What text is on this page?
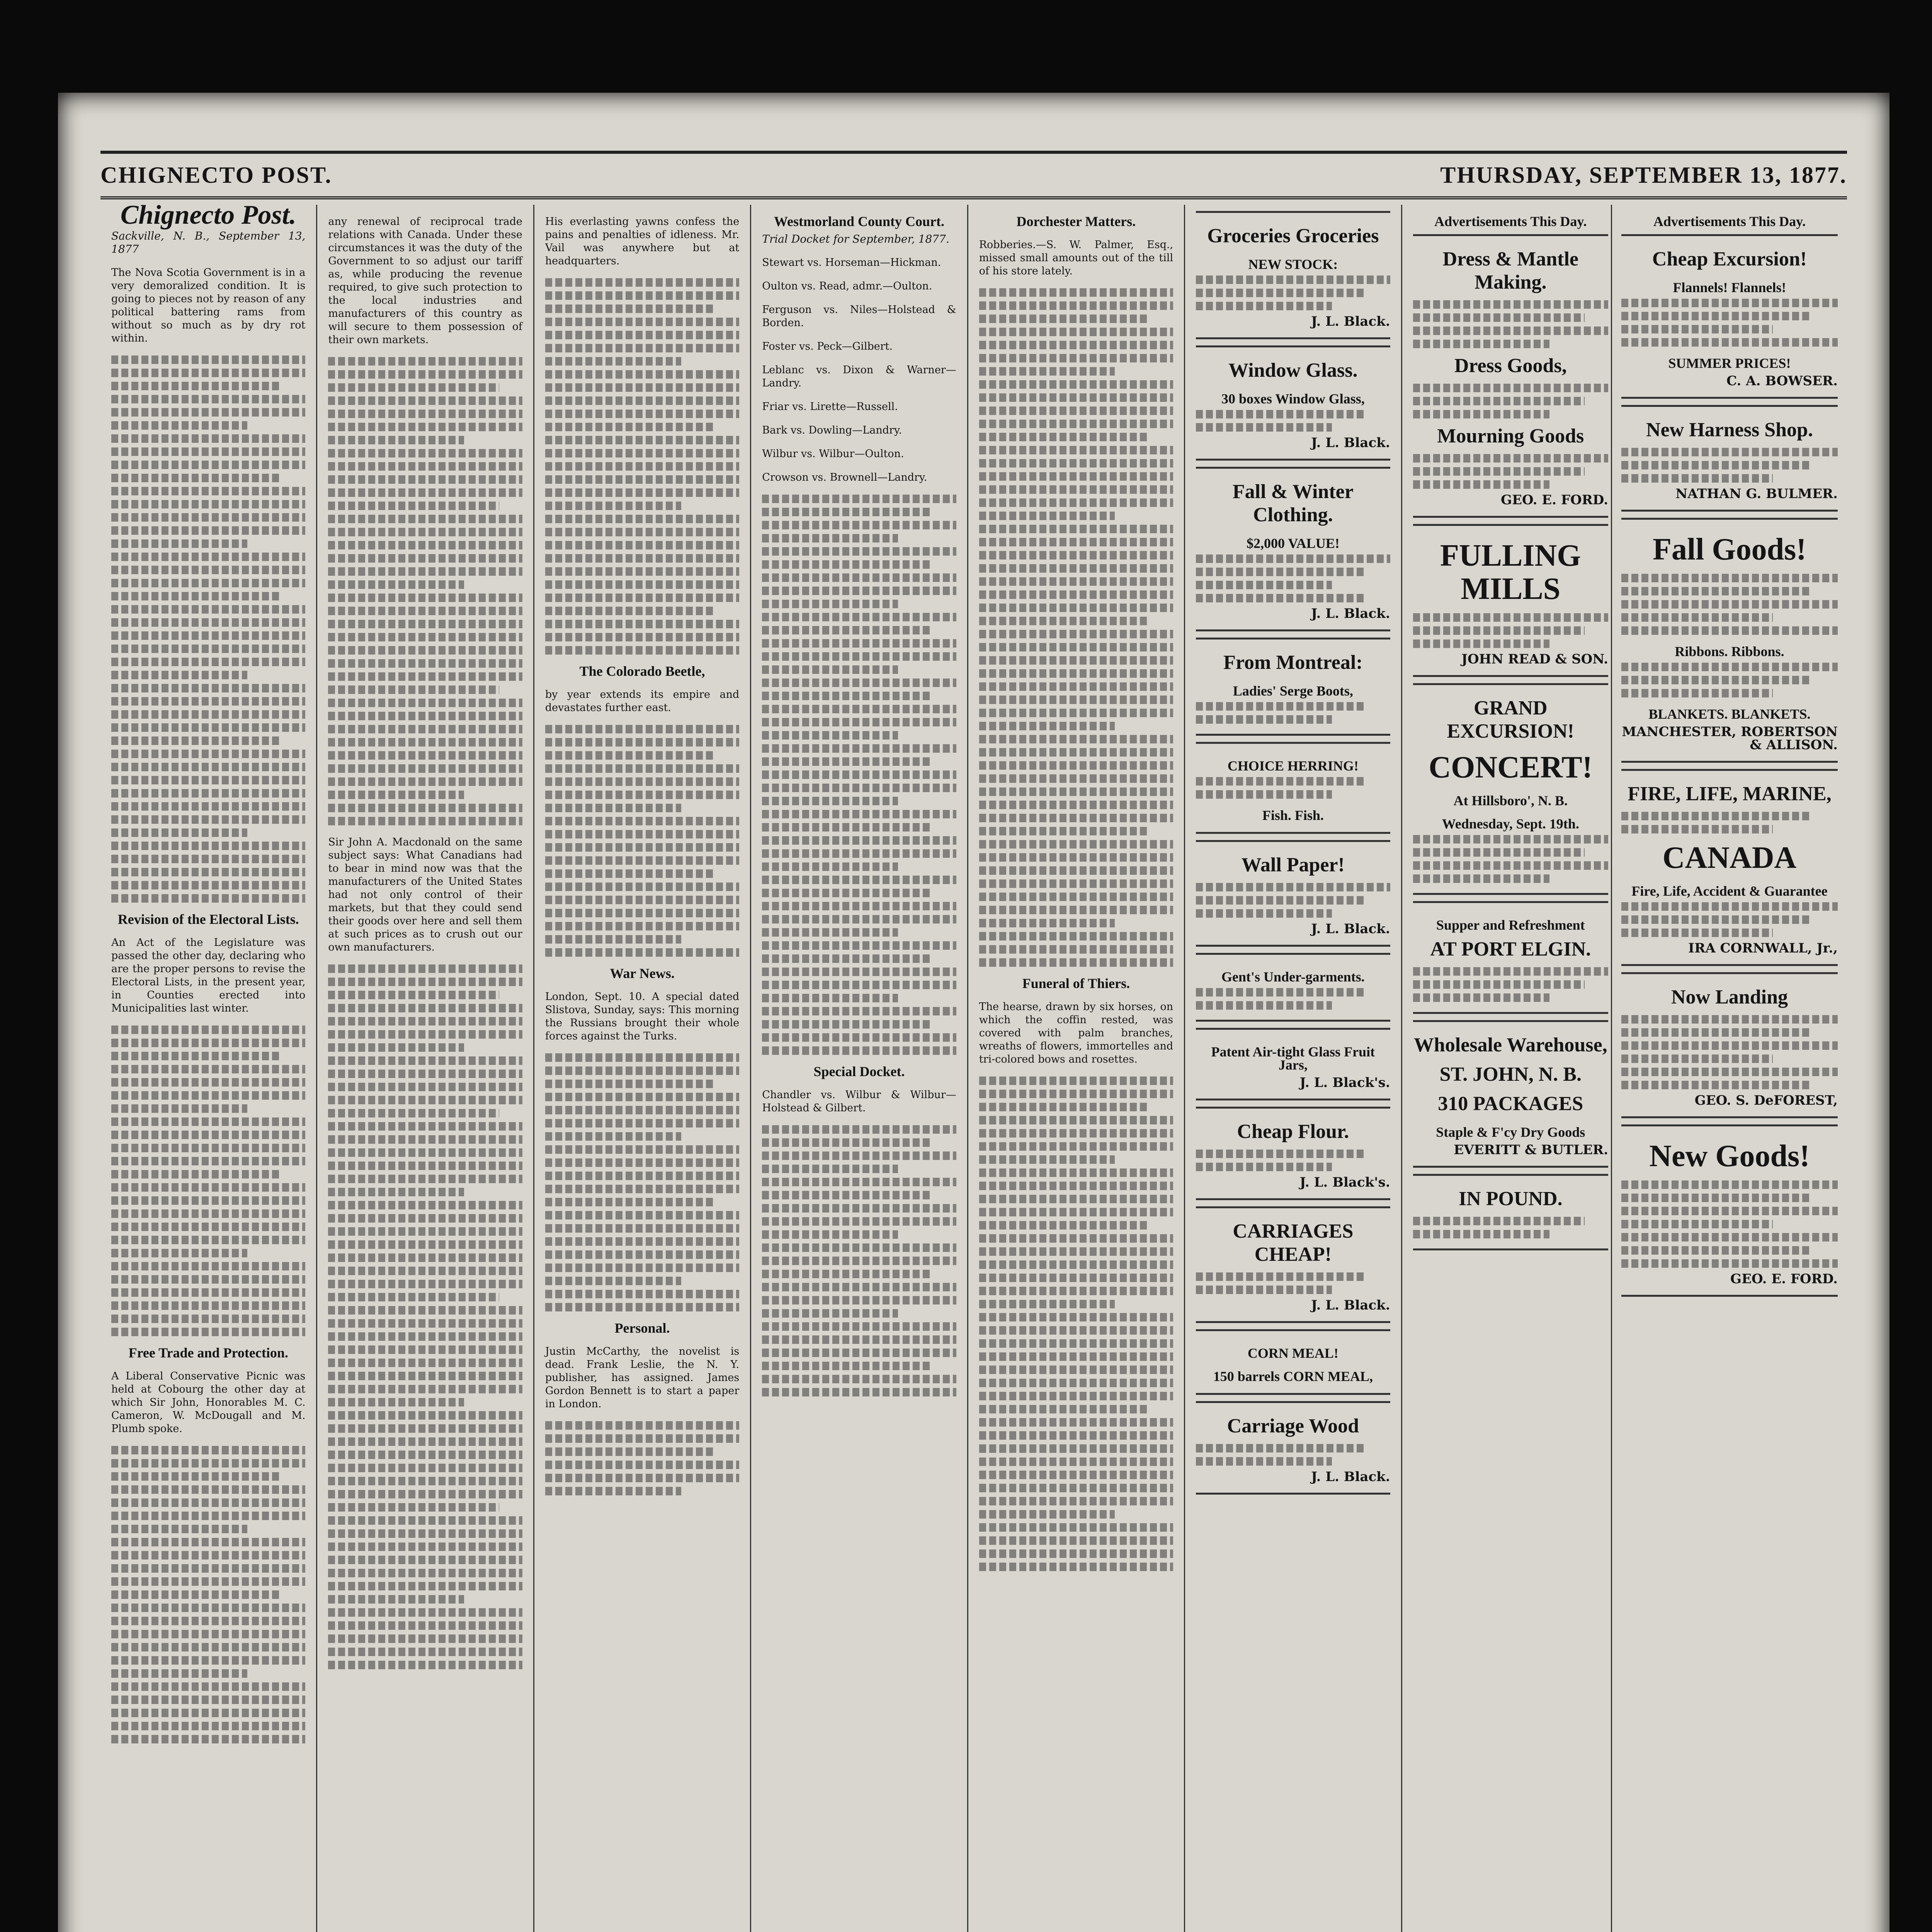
CHIGNECTO POST.	THURSDAY, SEPTEMBER 13, 1877.
Chignecto Post.
Sackville, N. B., September 13, 1877

The Nova Scotia Government is in a very demoralized condition. It is going to pieces not by reason of any political battering rams from without so much as by dry rot within.

Revision of the Electoral Lists.

An Act of the Legislature was passed the other day, declaring who are the proper persons to revise the Electoral Lists, in the present year, in Counties erected into Municipalities last winter.

Free Trade and Protection.

A Liberal Conservative Picnic was held at Cobourg the other day at which Sir John, Honorables M. C. Cameron, W. McDougall and M. Plumb spoke.

any renewal of reciprocal trade relations with Canada. Under these circumstances it was the duty of the Government to so adjust our tariff as, while producing the revenue required, to give such protection to the local industries and manufacturers of this country as will secure to them possession of their own markets.

Sir John A. Macdonald on the same subject says: What Canadians had to bear in mind now was that the manufacturers of the United States had not only control of their markets, but that they could send their goods over here and sell them at such prices as to crush out our own manufacturers.

His everlasting yawns confess the pains and penalties of idleness. Mr. Vail was anywhere but at headquarters.

The Colorado Beetle,

by year extends its empire and devastates further east.

War News.

London, Sept. 10. A special dated Slistova, Sunday, says: This morning the Russians brought their whole forces against the Turks.

Personal.

Justin McCarthy, the novelist is dead. Frank Leslie, the N. Y. publisher, has assigned. James Gordon Bennett is to start a paper in London.

Westmorland County Court.
Trial Docket for September, 1877.

Stewart vs. Horseman—Hickman.

Oulton vs. Read, admr.—Oulton.

Ferguson vs. Niles—Holstead & Borden.

Foster vs. Peck—Gilbert.

Leblanc vs. Dixon & Warner—Landry.

Friar vs. Lirette—Russell.

Bark vs. Dowling—Landry.

Wilbur vs. Wilbur—Oulton.

Crowson vs. Brownell—Landry.

Special Docket.

Chandler vs. Wilbur & Wilbur—Holstead & Gilbert.

Dorchester Matters.

Robberies.—S. W. Palmer, Esq., missed small amounts out of the till of his store lately.

Funeral of Thiers.

The hearse, drawn by six horses, on which the coffin rested, was covered with palm branches, wreaths of flowers, immortelles and tri-colored bows and rosettes.

Groceries Groceries
NEW STOCK:
J. L. Black.
Window Glass.
30 boxes Window Glass,
J. L. Black.
Fall & Winter Clothing.
$2,000 VALUE!
J. L. Black.
From Montreal:
Ladies' Serge Boots,
CHOICE HERRING!
Fish. Fish.
Wall Paper!
J. L. Black.
Gent's Under-garments.
Patent Air-tight Glass Fruit Jars,
J. L. Black's.
Cheap Flour.
J. L. Black's.
CARRIAGES CHEAP!
J. L. Black.
CORN MEAL!
150 barrels CORN MEAL,
Carriage Wood
J. L. Black.
Advertisements This Day.
Dress & Mantle Making.
Dress Goods,
Mourning Goods
GEO. E. FORD.
FULLING MILLS
JOHN READ & SON.
GRAND EXCURSION!
CONCERT!
At Hillsboro', N. B.
Wednesday, Sept. 19th.
Supper and Refreshment
AT PORT ELGIN.
Wholesale Warehouse,
ST. JOHN, N. B.
310 PACKAGES
Staple & F'cy Dry Goods
EVERITT & BUTLER.
IN POUND.
Advertisements This Day.
Cheap Excursion!
Flannels! Flannels!
SUMMER PRICES!
C. A. BOWSER.
New Harness Shop.
NATHAN G. BULMER.
Fall Goods!
Ribbons. Ribbons.
BLANKETS. BLANKETS.
MANCHESTER, ROBERTSON & ALLISON.
FIRE, LIFE, MARINE,
CANADA
Fire, Life, Accident & Guarantee
IRA CORNWALL, Jr.,
Now Landing
GEO. S. DeFOREST,
New Goods!
GEO. E. FORD.
